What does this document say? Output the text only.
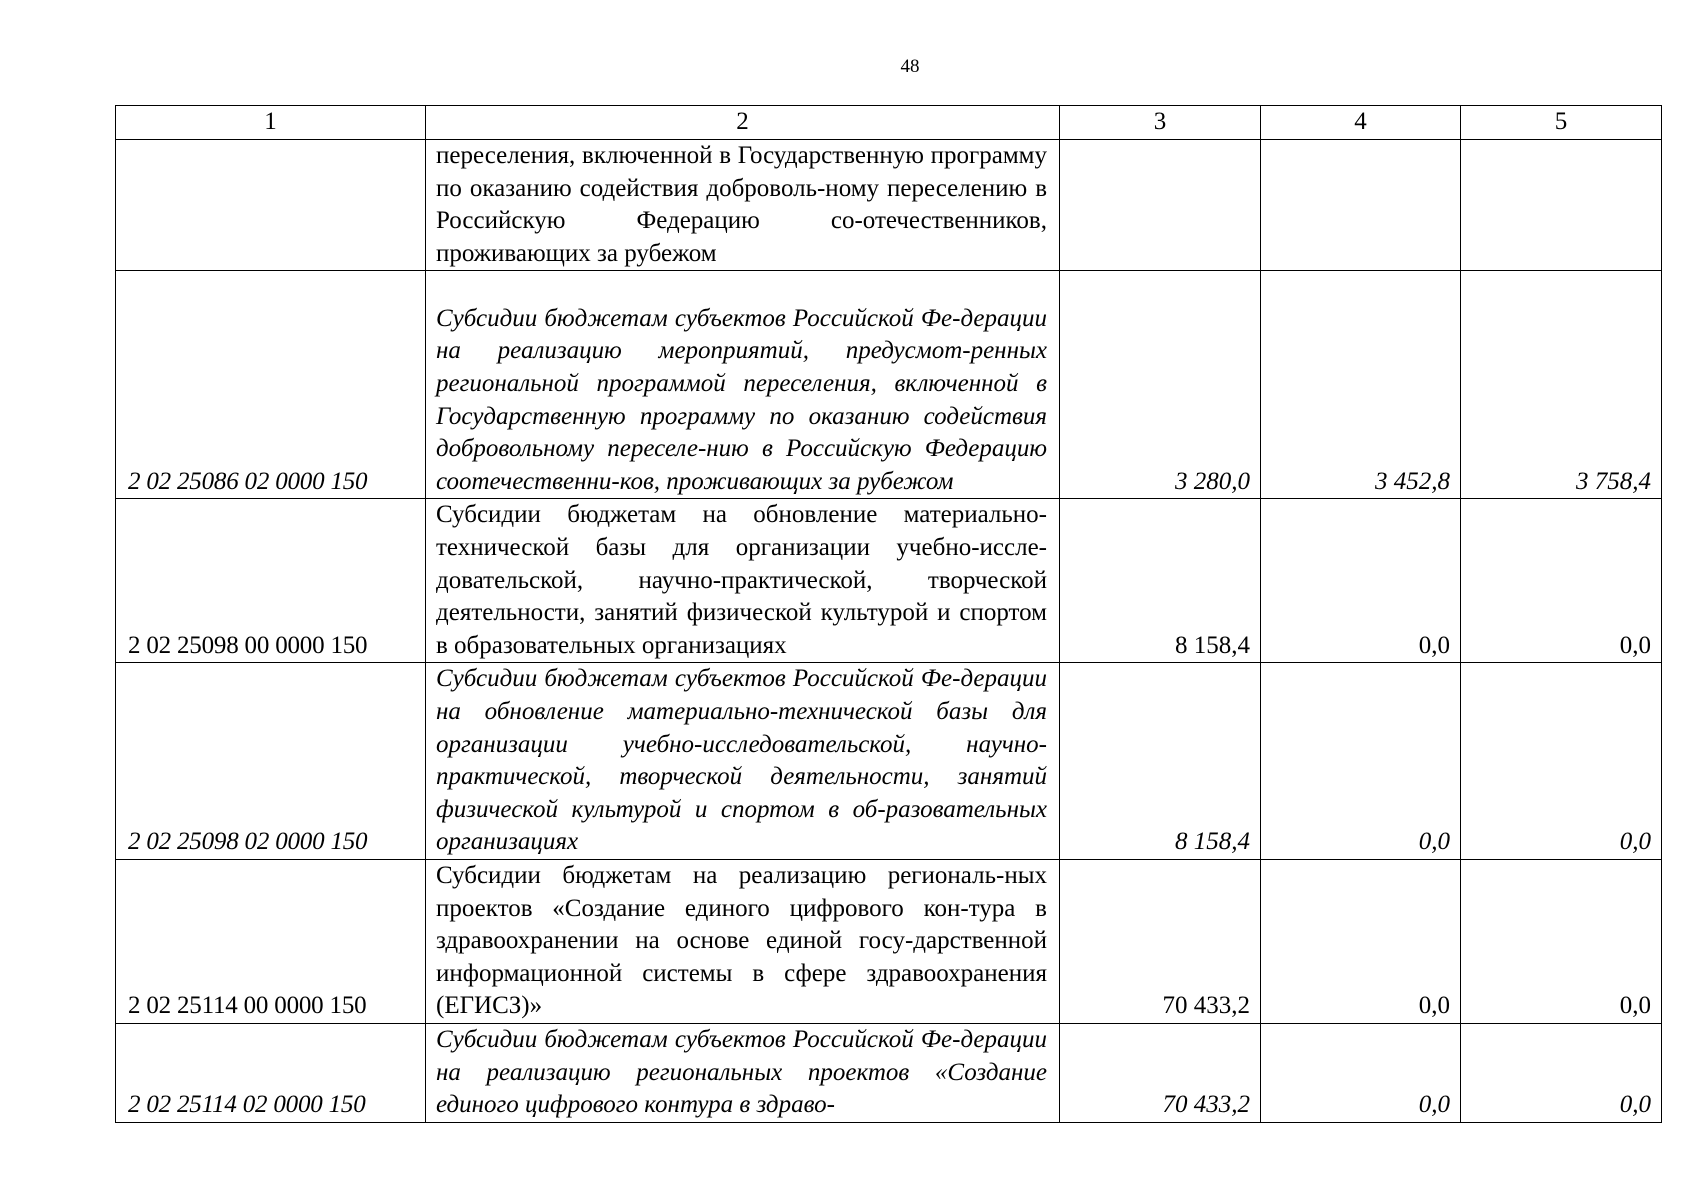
48
1	2	3	4	5
	переселения, включенной в Государственную программу по оказанию содействия доброволь-ному переселению в Российскую Федерацию со-отечественников, проживающих за рубежом			
2 02 25086 02 0000 150	Субсидии бюджетам субъектов Российской Фе-дерации на реализацию мероприятий, предусмот-ренных региональной программой переселения, включенной в Государственную программу по оказанию содействия добровольному переселе-нию в Российскую Федерацию соотечественни-ков, проживающих за рубежом	3 280,0	3 452,8	3 758,4
2 02 25098 00 0000 150	Субсидии бюджетам на обновление материально-технической базы для организации учебно-иссле-довательской, научно-практической, творческой деятельности, занятий физической культурой и спортом в образовательных организациях	8 158,4	0,0	0,0
2 02 25098 02 0000 150	Субсидии бюджетам субъектов Российской Фе-дерации на обновление материально-технической базы для организации учебно-исследовательской, научно-практической, творческой деятельности, занятий физической культурой и спортом в об-разовательных организациях	8 158,4	0,0	0,0
2 02 25114 00 0000 150	Субсидии бюджетам на реализацию региональ-ных проектов «Создание единого цифрового кон-тура в здравоохранении на основе единой госу-дарственной информационной системы в сфере здравоохранения (ЕГИСЗ)»	70 433,2	0,0	0,0
2 02 25114 02 0000 150	Субсидии бюджетам субъектов Российской Фе-дерации на реализацию региональных проектов «Создание единого цифрового контура в здраво-	70 433,2	0,0	0,0
